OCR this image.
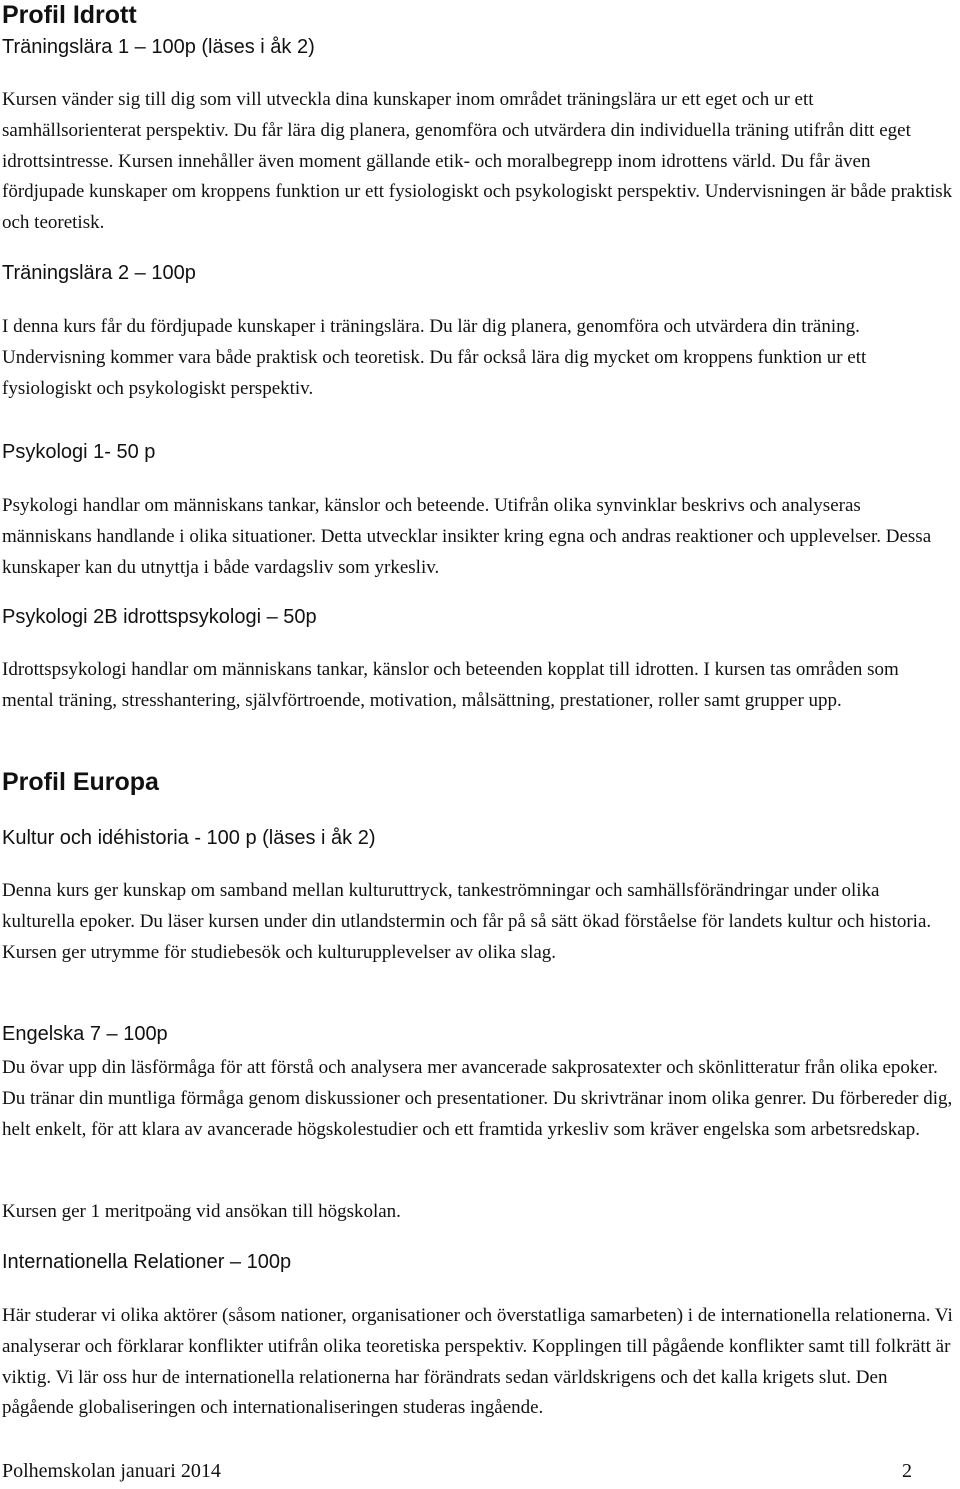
Profil Idrott
Träningslära 1 – 100p (läses i åk 2)

Kursen vänder sig till dig som vill utveckla dina kunskaper inom området träningslära ur ett eget och ur ett samhällsorienterat perspektiv. Du får lära dig planera, genomföra och utvärdera din individuella träning utifrån ditt eget idrottsintresse. Kursen innehåller även moment gällande etik- och moralbegrepp inom idrottens värld. Du får även fördjupade kunskaper om kroppens funktion ur ett fysiologiskt och psykologiskt perspektiv. Undervisningen är både praktisk och teoretisk.

Träningslära 2 – 100p

I denna kurs får du fördjupade kunskaper i träningslära. Du lär dig planera, genomföra och utvärdera din träning. Undervisning kommer vara både praktisk och teoretisk. Du får också lära dig mycket om kroppens funktion ur ett fysiologiskt och psykologiskt perspektiv.

Psykologi 1- 50 p

Psykologi handlar om människans tankar, känslor och beteende. Utifrån olika synvinklar beskrivs och analyseras människans handlande i olika situationer. Detta utvecklar insikter kring egna och andras reaktioner och upplevelser. Dessa kunskaper kan du utnyttja i både vardagsliv som yrkesliv.

Psykologi 2B idrottspsykologi – 50p

Idrottspsykologi handlar om människans tankar, känslor och beteenden kopplat till idrotten. I kursen tas områden som mental träning, stresshantering, självförtroende, motivation, målsättning, prestationer, roller samt grupper upp.

Profil Europa
Kultur och idéhistoria - 100 p (läses i åk 2)

Denna kurs ger kunskap om samband mellan kulturuttryck, tankeströmningar och samhällsförändringar under olika kulturella epoker. Du läser kursen under din utlandstermin och får på så sätt ökad förståelse för landets kultur och historia. Kursen ger utrymme för studiebesök och kulturupplevelser av olika slag.

Engelska 7 – 100p

Du övar upp din läsförmåga för att förstå och analysera mer avancerade sakprosatexter och skönlitteratur från olika epoker. Du tränar din muntliga förmåga genom diskussioner och presentationer. Du skrivtränar inom olika genrer. Du förbereder dig, helt enkelt, för att klara av avancerade högskolestudier och ett framtida yrkesliv som kräver engelska som arbetsredskap.

Kursen ger 1 meritpoäng vid ansökan till högskolan.

Internationella Relationer – 100p

Här studerar vi olika aktörer (såsom nationer, organisationer och överstatliga samarbeten) i de internationella relationerna. Vi analyserar och förklarar konflikter utifrån olika teoretiska perspektiv. Kopplingen till pågående konflikter samt till folkrätt är viktig. Vi lär oss hur de internationella relationerna har förändrats sedan världskrigens och det kalla krigets slut. Den pågående globaliseringen och internationaliseringen studeras ingående.

Polhemskolan januari 2014	2
